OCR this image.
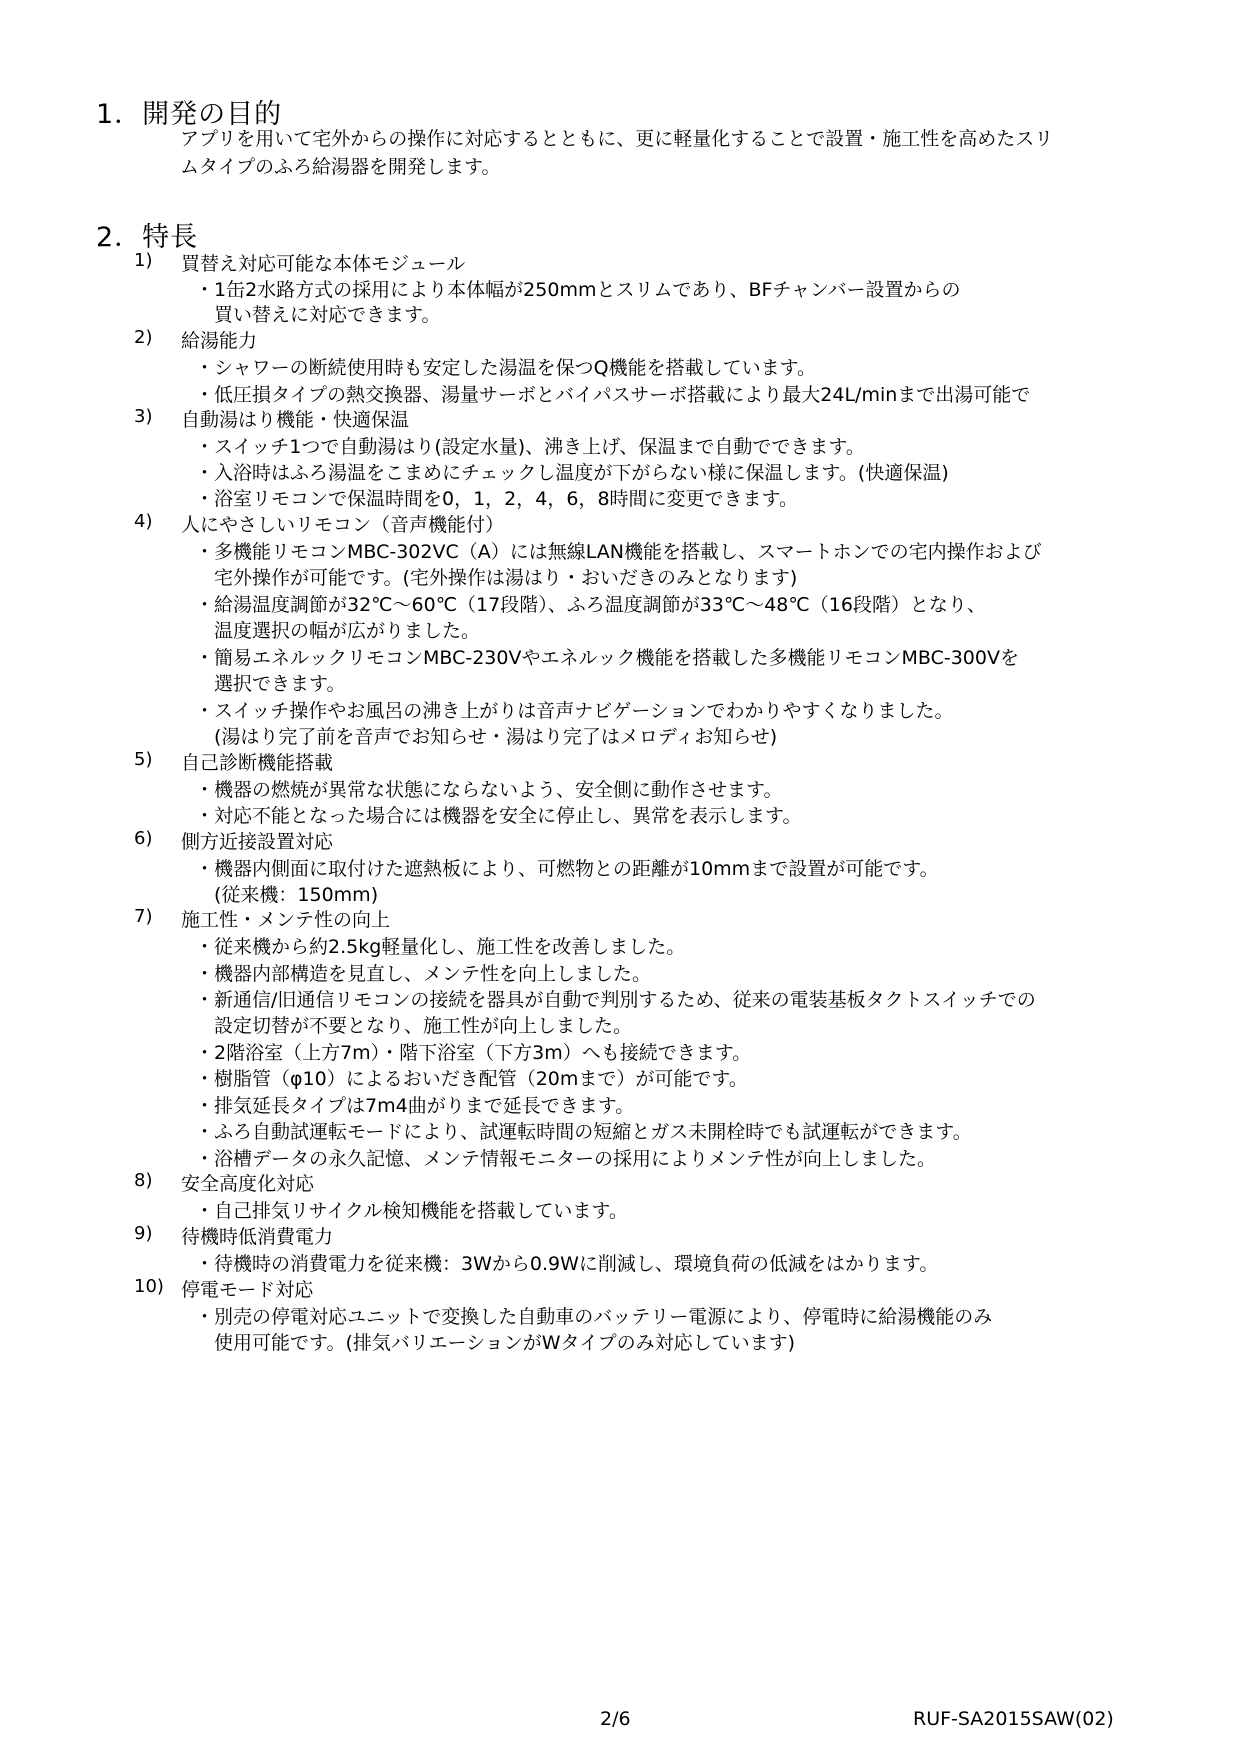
1．開発の目的
アプリを用いて宅外からの操作に対応するとともに、更に軽量化することで設置・施工性を高めたスリ
ムタイプのふろ給湯器を開発します。
2．特長
1) 買替え対応可能な本体モジュール
・1缶2水路方式の採用により本体幅が250mmとスリムであり、BFチャンバー設置からの
　買い替えに対応できます。
2) 給湯能力
・シャワーの断続使用時も安定した湯温を保つQ機能を搭載しています。
・低圧損タイプの熱交換器、湯量サーボとバイパスサーボ搭載により最大24L/minまで出湯可能で
3) 自動湯はり機能・快適保温
・スイッチ1つで自動湯はり(設定水量)、沸き上げ、保温まで自動でできます。
・入浴時はふろ湯温をこまめにチェックし温度が下がらない様に保温します。(快適保温)
・浴室リモコンで保温時間を0，1，2，4，6，8時間に変更できます。
4) 人にやさしいリモコン（音声機能付）
・多機能リモコンMBC-302VC（A）には無線LAN機能を搭載し、スマートホンでの宅内操作および
　宅外操作が可能です。(宅外操作は湯はり・おいだきのみとなります)
・給湯温度調節が32℃～60℃（17段階）、ふろ温度調節が33℃～48℃（16段階）となり、
　温度選択の幅が広がりました。
・簡易エネルックリモコンMBC-230Vやエネルック機能を搭載した多機能リモコンMBC-300Vを
　選択できます。
・スイッチ操作やお風呂の沸き上がりは音声ナビゲーションでわかりやすくなりました。
　(湯はり完了前を音声でお知らせ・湯はり完了はメロディお知らせ)
5) 自己診断機能搭載
・機器の燃焼が異常な状態にならないよう、安全側に動作させます。
・対応不能となった場合には機器を安全に停止し、異常を表示します。
6) 側方近接設置対応
・機器内側面に取付けた遮熱板により、可燃物との距離が10mmまで設置が可能です。
　(従来機：150mm)
7) 施工性・メンテ性の向上
・従来機から約2.5kg軽量化し、施工性を改善しました。
・機器内部構造を見直し、メンテ性を向上しました。
・新通信/旧通信リモコンの接続を器具が自動で判別するため、従来の電装基板タクトスイッチでの
　設定切替が不要となり、施工性が向上しました。
・2階浴室（上方7m）・階下浴室（下方3m）へも接続できます。
・樹脂管（φ10）によるおいだき配管（20mまで）が可能です。
・排気延長タイプは7m4曲がりまで延長できます。
・ふろ自動試運転モードにより、試運転時間の短縮とガス未開栓時でも試運転ができます。
・浴槽データの永久記憶、メンテ情報モニターの採用によりメンテ性が向上しました。
8) 安全高度化対応
・自己排気リサイクル検知機能を搭載しています。
9) 待機時低消費電力
・待機時の消費電力を従来機：3Wから0.9Wに削減し、環境負荷の低減をはかります。
10) 停電モード対応
・別売の停電対応ユニットで変換した自動車のバッテリー電源により、停電時に給湯機能のみ
　使用可能です。(排気バリエーションがWタイプのみ対応しています)
2/6	RUF-SA2015SAW(02)
